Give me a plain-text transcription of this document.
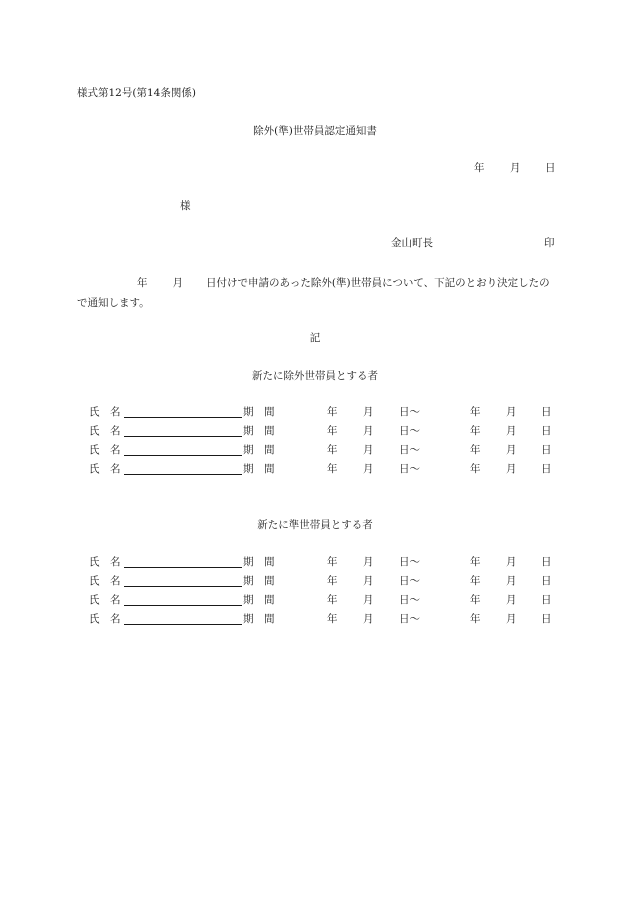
様式第12号(第14条関係)
除外(準)世帯員認定通知書
年 月 日
様
金山町長	印
年 月 日付けで申請のあった除外(準)世帯員について、下記のとおり決定したので通知します。
記
新たに除外世帯員とする者
氏　名	期　間	年 月 日〜	年 月 日
氏　名	期　間	年 月 日〜	年 月 日
氏　名	期　間	年 月 日〜	年 月 日
氏　名	期　間	年 月 日〜	年 月 日
新たに準世帯員とする者
氏　名	期　間	年 月 日〜	年 月 日
氏　名	期　間	年 月 日〜	年 月 日
氏　名	期　間	年 月 日〜	年 月 日
氏　名	期　間	年 月 日〜	年 月 日
